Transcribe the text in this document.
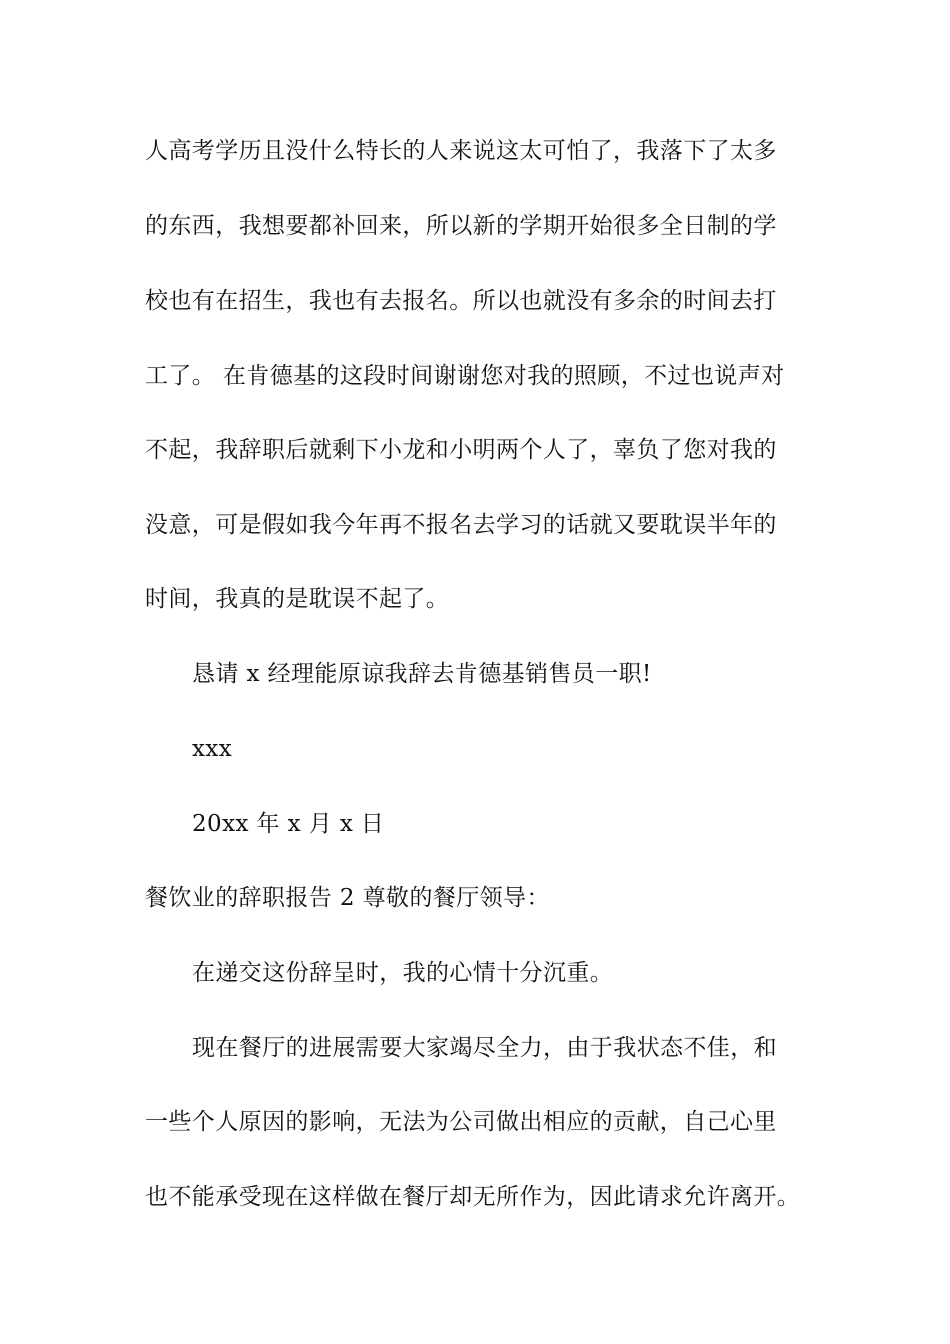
人高考学历且没什么特长的人来说这太可怕了，我落下了太多
的东西，我想要都补回来，所以新的学期开始很多全日制的学
校也有在招生，我也有去报名。所以也就没有多余的时间去打
工了。 在肯德基的这段时间谢谢您对我的照顾，不过也说声对
不起，我辞职后就剩下小龙和小明两个人了，辜负了您对我的
没意，可是假如我今年再不报名去学习的话就又要耽误半年的
时间，我真的是耽误不起了。
恳请 x 经理能原谅我辞去肯德基销售员一职!
xxx
20xx 年 x 月 x 日
餐饮业的辞职报告 2 尊敬的餐厅领导：
在递交这份辞呈时，我的心情十分沉重。
现在餐厅的进展需要大家竭尽全力，由于我状态不佳，和
一些个人原因的影响，无法为公司做出相应的贡献，自己心里
也不能承受现在这样做在餐厅却无所作为，因此请求允许离开。
